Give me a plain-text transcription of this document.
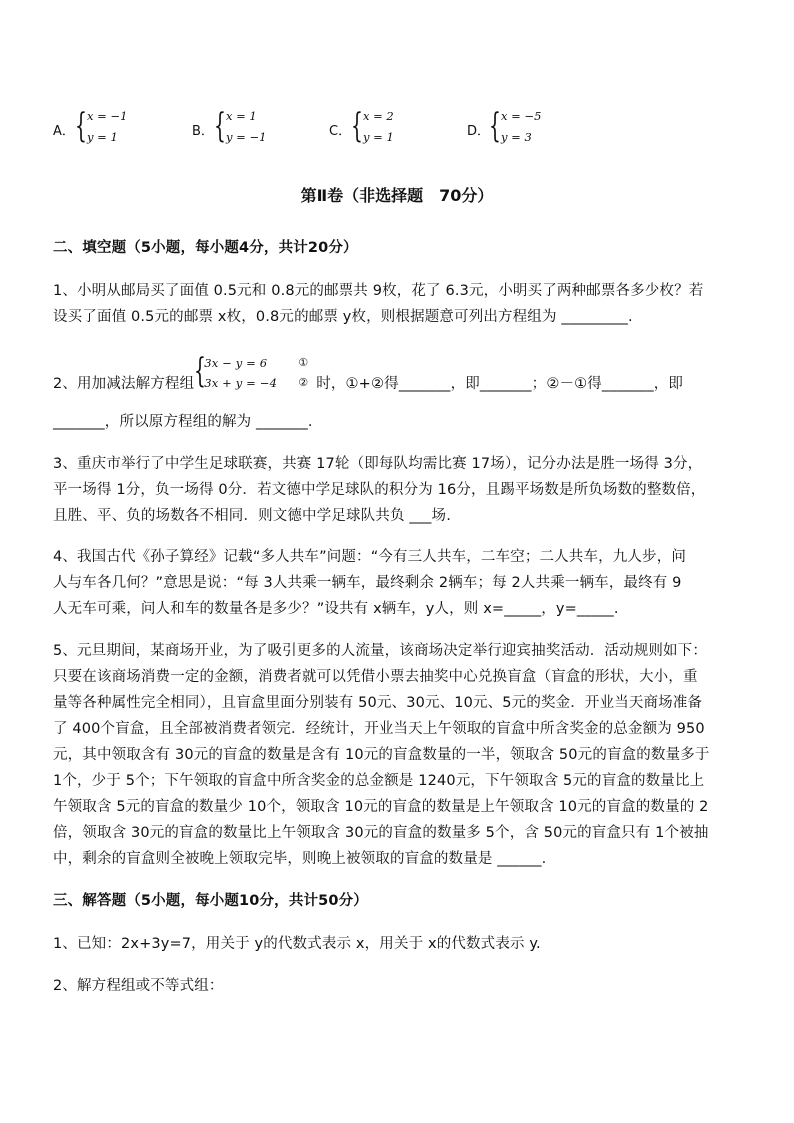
A． { x = −1
y = 1	B． { x = 1
y = −1	C． { x = 2
y = 1	D．
{ x = −5
y = 3
第Ⅱ卷（非选择题　70分）
二、填空题（5小题，每小题4分，共计20分）
1、小明从邮局买了面值 0.5元和 0.8元的邮票共 9枚，花了 6.3元，小明买了两种邮票各多少枚？若
设买了面值 0.5元的邮票 x枚，0.8元的邮票 y枚，则根据题意可列出方程组为 _________.
2、用加减法解方程组 {
3x − y = 6
3x + y = −4
①
② 时，①+②得_______，即_______；②－①得_______，即
_______，所以原方程组的解为 _______.
3、重庆市举行了中学生足球联赛，共赛 17轮（即每队均需比赛 17场），记分办法是胜一场得 3分，
平一场得 1分，负一场得 0分．若文德中学足球队的积分为 16分，且踢平场数是所负场数的整数倍，
且胜、平、负的场数各不相同．则文德中学足球队共负 ___场.
4、我国古代《孙子算经》记载“多人共车”问题：“今有三人共车，二车空；二人共车，九人步，问
人与车各几何？”意思是说：“每 3人共乘一辆车，最终剩余 2辆车；每 2人共乘一辆车，最终有 9
人无车可乘，问人和车的数量各是多少？”设共有 x辆车，y人，则 x=_____，y=_____.
5、元旦期间，某商场开业，为了吸引更多的人流量，该商场决定举行迎宾抽奖活动．活动规则如下：
只要在该商场消费一定的金额，消费者就可以凭借小票去抽奖中心兑换盲盒（盲盒的形状，大小，重
量等各种属性完全相同），且盲盒里面分别装有 50元、30元、10元、5元的奖金．开业当天商场准备
了 400个盲盒，且全部被消费者领完．经统计，开业当天上午领取的盲盒中所含奖金的总金额为 950
元，其中领取含有 30元的盲盒的数量是含有 10元的盲盒数量的一半，领取含 50元的盲盒的数量多于
1个，少于 5个；下午领取的盲盒中所含奖金的总金额是 1240元，下午领取含 5元的盲盒的数量比上
午领取含 5元的盲盒的数量少 10个，领取含 10元的盲盒的数量是上午领取含 10元的盲盒的数量的 2
倍，领取含 30元的盲盒的数量比上午领取含 30元的盲盒的数量多 5个，含 50元的盲盒只有 1个被抽
中，剩余的盲盒则全被晚上领取完毕，则晚上被领取的盲盒的数量是 ______.
三、解答题（5小题，每小题10分，共计50分）
1、已知：2x+3y=7，用关于 y的代数式表示 x，用关于 x的代数式表示 y.
2、解方程组或不等式组：
